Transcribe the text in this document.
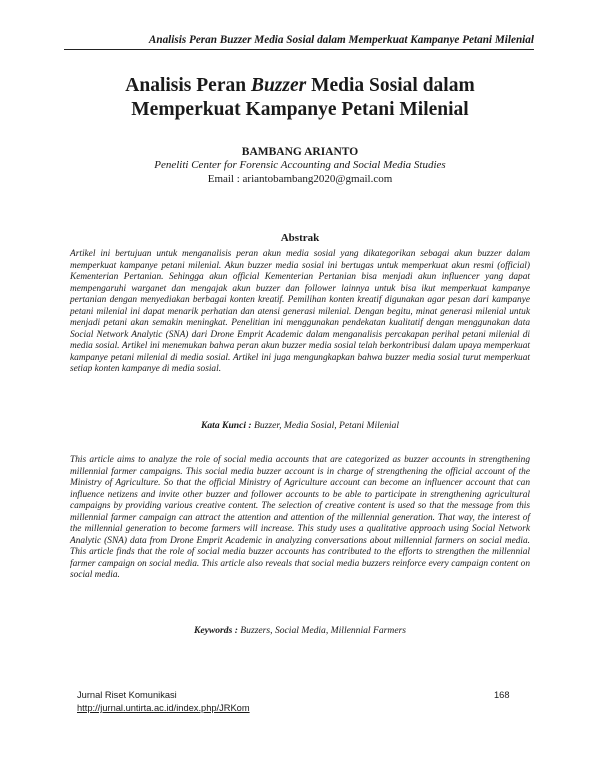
Analisis Peran Buzzer Media Sosial dalam Memperkuat Kampanye Petani Milenial
Analisis Peran Buzzer Media Sosial dalam
Memperkuat Kampanye Petani Milenial
BAMBANG ARIANTO
Peneliti Center for Forensic Accounting and Social Media Studies
Email : ariantobambang2020@gmail.com
Abstrak

Artikel ini bertujuan untuk menganalisis peran akun media sosial yang dikategorikan sebagai akun buzzer dalam memperkuat kampanye petani milenial. Akun buzzer media sosial ini bertugas untuk memperkuat akun resmi (official) Kementerian Pertanian. Sehingga akun official Kementerian Pertanian bisa menjadi akun influencer yang dapat mempengaruhi warganet dan mengajak akun buzzer dan follower lainnya untuk bisa ikut memperkuat kampanye pertanian dengan menyediakan berbagai konten kreatif. Pemilihan konten kreatif digunakan agar pesan dari kampanye petani milenial ini dapat menarik perhatian dan atensi generasi milenial. Dengan begitu, minat generasi milenial untuk menjadi petani akan semakin meningkat. Penelitian ini menggunakan pendekatan kualitatif dengan menggunakan data Social Network Analytic (SNA) dari Drone Emprit Academic dalam menganalisis percakapan perihal petani milenial di media sosial. Artikel ini menemukan bahwa peran akun buzzer media sosial telah berkontribusi dalam upaya memperkuat kampanye petani milenial di media sosial. Artikel ini juga mengungkapkan bahwa buzzer media sosial turut memperkuat setiap konten kampanye di media sosial.

Kata Kunci : Buzzer, Media Sosial, Petani Milenial

This article aims to analyze the role of social media accounts that are categorized as buzzer accounts in strengthening millennial farmer campaigns. This social media buzzer account is in charge of strengthening the official account of the Ministry of Agriculture. So that the official Ministry of Agriculture account can become an influencer account that can influence netizens and invite other buzzer and follower accounts to be able to participate in strengthening agricultural campaigns by providing various creative content. The selection of creative content is used so that the message from this millennial farmer campaign can attract the attention and attention of the millennial generation. That way, the interest of the millennial generation to become farmers will increase. This study uses a qualitative approach using Social Network Analytic (SNA) data from Drone Emprit Academic in analyzing conversations about millennial farmers on social media. This article finds that the role of social media buzzer accounts has contributed to the efforts to strengthen the millennial farmer campaign on social media. This article also reveals that social media buzzers reinforce every campaign content on social media.

Keywords : Buzzers, Social Media, Millennial Farmers
Jurnal Riset Komunikasi
http://jurnal.untirta.ac.id/index.php/JRKom
168
